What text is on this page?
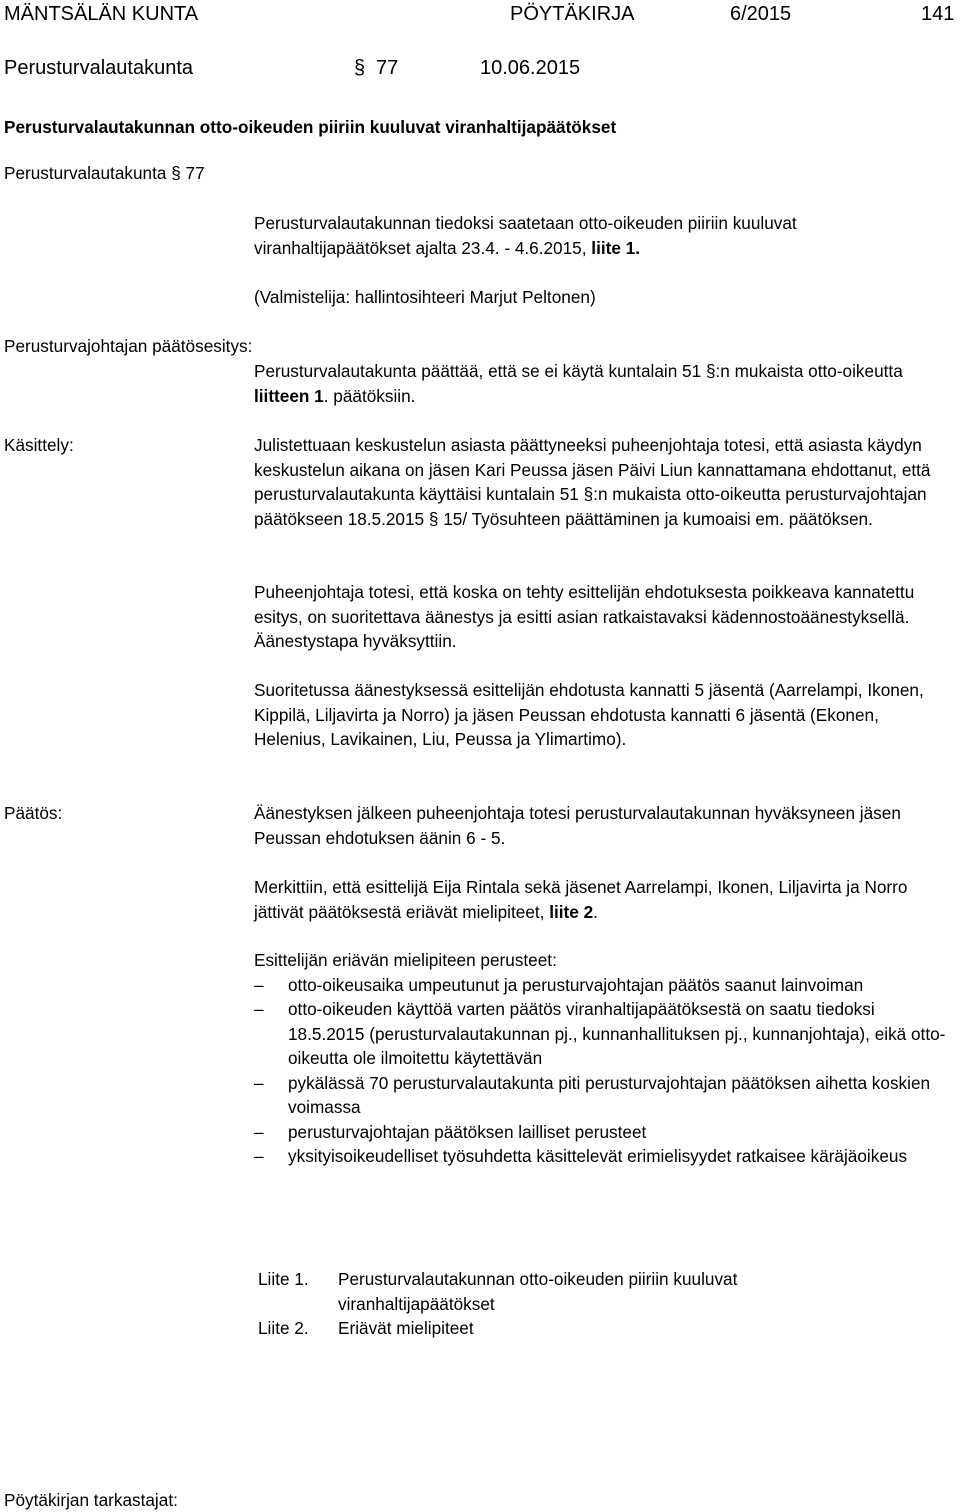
MÄNTSÄLÄN KUNTA	PÖYTÄKIRJA	6/2015	141
Perusturvalautakunta	§ 77	10.06.2015
Perusturvalautakunnan otto-oikeuden piiriin kuuluvat viranhaltijapäätökset
Perusturvalautakunta § 77

Perusturvalautakunnan tiedoksi saatetaan otto-oikeuden piiriin kuuluvat viranhaltijapäätökset ajalta 23.4. - 4.6.2015, liite 1.

(Valmistelija: hallintosihteeri Marjut Peltonen)
Perusturvajohtajan päätösesitys:

Perusturvalautakunta päättää, että se ei käytä kuntalain 51 §:n mukaista otto-oikeutta liitteen 1. päätöksiin.

Käsittely:	Julistettuaan keskustelun asiasta päättyneeksi puheenjohtaja totesi, että asiasta käydyn keskustelun aikana on jäsen Kari Peussa jäsen Päivi Liun kannattamana ehdottanut, että perusturvalautakunta käyttäisi kuntalain 51 §:n mukaista otto-oikeutta perusturvajohtajan päätökseen 18.5.2015 § 15/ Työsuhteen päättäminen ja kumoaisi em. päätöksen.
Puheenjohtaja totesi, että koska on tehty esittelijän ehdotuksesta poikkeava kannatettu esitys, on suoritettava äänestys ja esitti asian ratkaistavaksi kädennostoäänestyksellä. Äänestystapa hyväksyttiin.
Suoritetussa äänestyksessä esittelijän ehdotusta kannatti 5 jäsentä (Aarrelampi, Ikonen, Kippilä, Liljavirta ja Norro) ja jäsen Peussan ehdotusta kannatti 6 jäsentä (Ekonen, Helenius, Lavikainen, Liu, Peussa ja Ylimartimo).
Päätös:	Äänestyksen jälkeen puheenjohtaja totesi perusturvalautakunnan hyväksyneen jäsen Peussan ehdotuksen äänin 6 - 5.

Merkittiin, että esittelijä Eija Rintala sekä jäsenet Aarrelampi, Ikonen, Liljavirta ja Norro jättivät päätöksestä eriävät mielipiteet, liite 2.

Esittelijän eriävän mielipiteen perusteet:

– otto-oikeusaika umpeutunut ja perusturvajohtajan päätös saanut lainvoiman
– otto-oikeuden käyttöä varten päätös viranhaltijapäätöksestä on saatu tiedoksi 18.5.2015 (perusturvalautakunnan pj., kunnanhallituksen pj., kunnanjohtaja), eikä otto-oikeutta ole ilmoitettu käytettävän
– pykälässä 70 perusturvalautakunta piti perusturvajohtajan päätöksen aihetta koskien voimassa
– perusturvajohtajan päätöksen lailliset perusteet
– yksityisoikeudelliset työsuhdetta käsittelevät erimielisyydet ratkaisee käräjäoikeus
Liite 1.	Perusturvalautakunnan otto-oikeuden piiriin kuuluvat viranhaltijapäätökset
Liite 2.	Eriävät mielipiteet
Pöytäkirjan tarkastajat:
